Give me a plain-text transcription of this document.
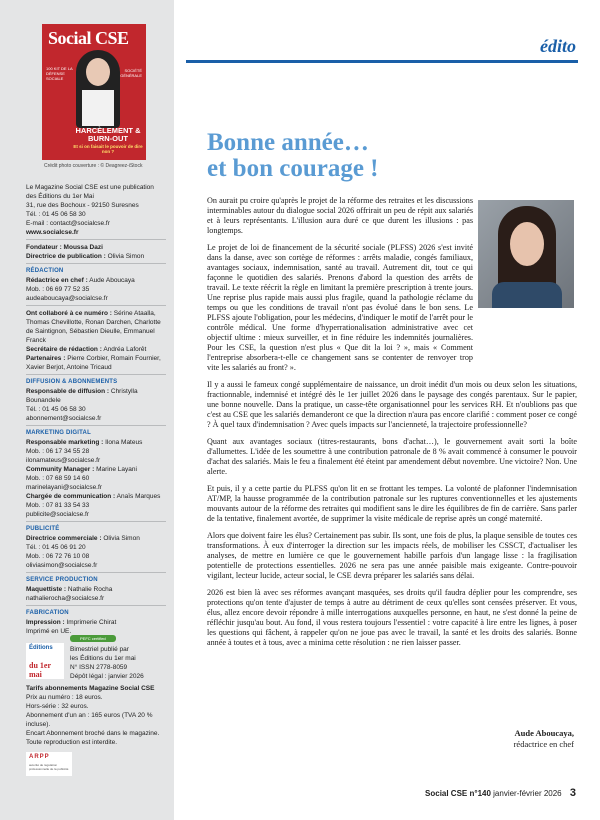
Social CSE
100 KIT DE LA DÉFENSE SOCIALE
SOCIÉTÉ GÉNÉRALE
HARCÈLEMENT & BURN-OUT
Et si on faisait le pouvoir de dire non ?
Crédit photo couverture : © Deagreez-iStock

Le Magazine Social CSE est une publication

des Éditions du 1er Mai

31, rue des Bochoux - 92150 Suresnes

Tél. : 01 45 06 58 30

E-mail : contact@socialcse.fr

www.socialcse.fr

Fondateur : Moussa Dazi

Directrice de publication : Olivia Simon

RÉDACTION

Rédactrice en chef : Aude Aboucaya

Mob. : 06 69 77 52 35

audeaboucaya@socialcse.fr

Ont collaboré à ce numéro : Sérine Ataalla, Thomas Chevillotte, Ronan Darchen, Charlotte de Saintignon, Sébastien Dieulle, Emmanuel Franck

Secrétaire de rédaction : Andréa Laforêt

Partenaires : Pierre Corbier, Romain Fournier, Xavier Berjot, Antoine Tricaud

DIFFUSION & ABONNEMENTS

Responsable de diffusion : Christylla Bounandele

Tél. : 01 45 06 58 30

abonnement@socialcse.fr

MARKETING DIGITAL

Responsable marketing : Ilona Mateus

Mob. : 06 17 34 55 28

ilonamateus@socialcse.fr

Community Manager : Marine Layani

Mob. : 07 68 59 14 60

marinelayani@socialcse.fr

Chargée de communication : Anaïs Marques

Mob. : 07 81 33 54 33

publicite@socialcse.fr

PUBLICITÉ

Directrice commerciale : Olivia Simon

Tél. : 01 45 06 91 20

Mob. : 06 72 76 10 08

oliviasimon@socialcse.fr

SERVICE PRODUCTION

Maquettiste : Nathalie Rocha

nathalierocha@socialcse.fr

FABRICATION

Impression : Imprimerie Chirat

Imprimé en UE.

PEFC certified
Éditions
du 1er mai

Bimestriel publié par

les Éditions du 1er mai

N° ISSN 2778-8059

Dépôt légal : janvier 2026

Tarifs abonnements Magazine Social CSE

Prix au numéro : 18 euros.

Hors-série : 32 euros.

Abonnement d'un an : 165 euros (TVA 20 % incluse).

Encart Abonnement broché dans le magazine.

Toute reproduction est interdite.

ARPP
autorité de régulation professionnelle de la publicité
édito
Bonne année…
et bon courage !

On aurait pu croire qu'après le projet de la réforme des retraites et les discussions interminables autour du dialogue social 2026 offrirait un peu de répit aux salariés et à leurs représentants. L'illusion aura duré ce que durent les illusions : pas longtemps.

Le projet de loi de financement de la sécurité sociale (PLFSS) 2026 s'est invité dans la danse, avec son cortège de réformes : arrêts maladie, congés familiaux, avantages sociaux, indemnisation, santé au travail. Autrement dit, tout ce qui façonne le quotidien des salariés. Prenons d'abord la question des arrêts de travail. Le texte réécrit la règle en limitant la première prescription à trente jours. Une reprise plus rapide mais aussi plus fragile, quand la pathologie réclame du temps ou que les conditions de travail n'ont pas évolué dans le bon sens. Le PLFSS ajoute l'obligation, pour les médecins, d'indiquer le motif de l'arrêt pour le contrôle médical. Une forme d'hyperrationalisation administrative avec cet objectif ultime : mieux surveiller, et in fine réduire les indemnités journalières. Pour les CSE, la question n'est plus « Que dit la loi ? », mais « Comment l'entreprise absorbera-t-elle ce changement sans se contenter de renvoyer trop vite les salariés au front? ».

Il y a aussi le fameux congé supplémentaire de naissance, un droit inédit d'un mois ou deux selon les situations, fractionnable, indemnisé et intégré dès le 1er juillet 2026 dans le paysage des congés parentaux. Sur le papier, une bonne nouvelle. Dans la pratique, un casse-tête organisationnel pour les services RH. Et n'oublions pas que c'est au CSE que les salariés demanderont ce que la direction n'aura pas encore clarifié : comment poser ce congé ? À quel taux d'indemnisation ? Avec quels impacts sur l'ancienneté, la trajectoire professionnelle?

Quant aux avantages sociaux (titres-restaurants, bons d'achat…), le gouvernement avait sorti la boîte d'allumettes. L'idée de les soumettre à une contribution patronale de 8 % avait commencé à consumer le pouvoir d'achat des salariés. Mais le feu a finalement été éteint par amendement début novembre. Une victoire? Non. Une alerte.

Et puis, il y a cette partie du PLFSS qu'on lit en se frottant les tempes. La volonté de plafonner l'indemnisation AT/MP, la hausse programmée de la contribution patronale sur les ruptures conventionnelles et les ajustements mouvants autour de la réforme des retraites qui modifient sans le dire les équilibres de fin de carrière. Sans parler de la tentative, finalement avortée, de supprimer la visite médicale de reprise après un congé maternité.

Alors que doivent faire les élus? Certainement pas subir. Ils sont, une fois de plus, la plaque sensible de toutes ces transformations. À eux d'interroger la direction sur les impacts réels, de mobiliser les CSSCT, d'actualiser les analyses, de mettre en lumière ce que le gouvernement habille parfois d'un langage lisse : la fragilisation potentielle de protections essentielles. 2026 ne sera pas une année paisible mais exigeante. Contre-pouvoir vigilant, lecteur lucide, acteur social, le CSE devra préparer les salariés sans délai.

2026 est bien là avec ses réformes avançant masquées, ses droits qu'il faudra déplier pour les comprendre, ses protections qu'on tente d'ajuster de temps à autre au détriment de ceux qu'elles sont censées préserver. Et vous, élus, allez encore devoir répondre à mille interrogations auxquelles personne, en haut, ne s'est donné la peine de réfléchir jusqu'au bout. Au fond, il vous restera toujours l'essentiel : votre capacité à lire entre les lignes, à poser les questions qui fâchent, à rappeler qu'on ne joue pas avec le travail, la santé et les droits des salariés. Bonne année à toutes et à tous, avec a minima cette résolution : ne rien laisser passer.

Aude Aboucaya,
rédactrice en chef
Social CSE n°140 janvier-février 2026 3
